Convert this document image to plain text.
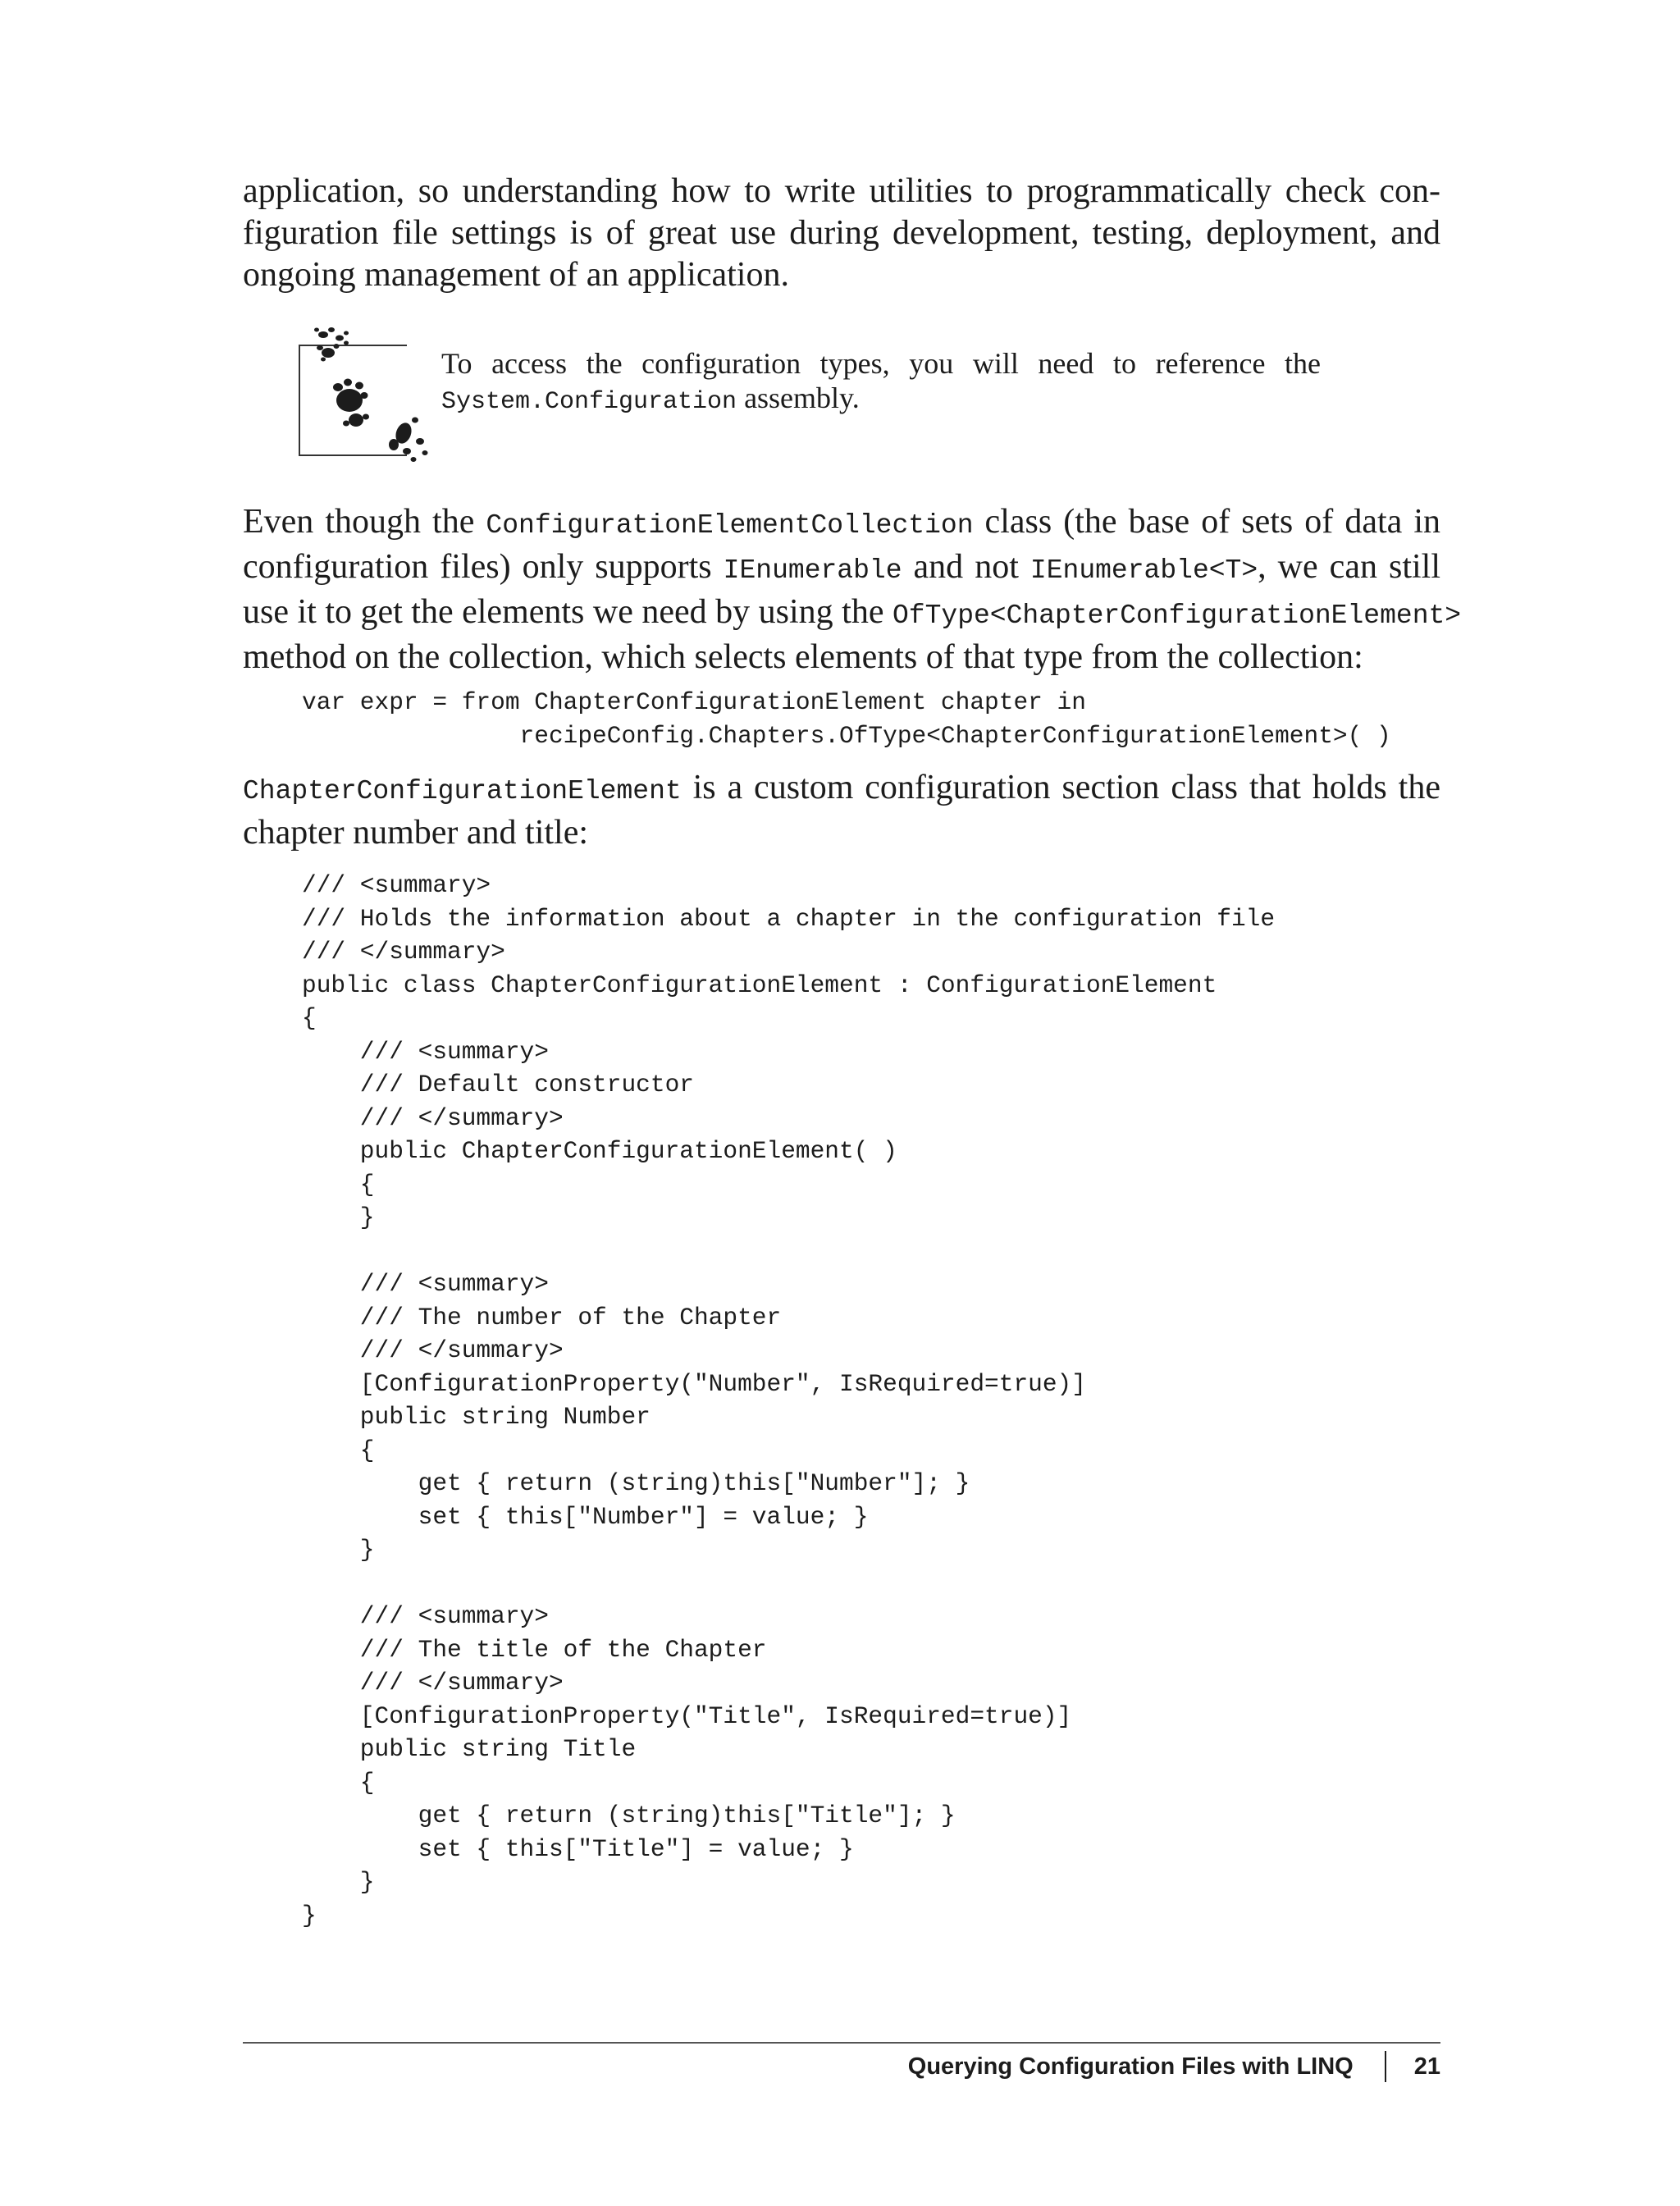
application, so understanding how to write utilities to programmatically check con-
figuration file settings is of great use during development, testing, deployment, and
ongoing management of an application.

To access the configuration types, you will need to reference the
System.Configuration assembly.

Even though the ConfigurationElementCollection class (the base of sets of data in
configuration files) only supports IEnumerable and not IEnumerable<T>, we can still
use it to get the elements we need by using the OfType<ChapterConfigurationElement>
method on the collection, which selects elements of that type from the collection:

var expr = from ChapterConfigurationElement chapter in
recipeConfig.Chapters.OfType<ChapterConfigurationElement>( )

ChapterConfigurationElement is a custom configuration section class that holds the
chapter number and title:

/// <summary>
/// Holds the information about a chapter in the configuration file
/// </summary>
public class ChapterConfigurationElement : ConfigurationElement
{
/// <summary>
/// Default constructor
/// </summary>
public ChapterConfigurationElement( )
{
}

/// <summary>
/// The number of the Chapter
/// </summary>
[ConfigurationProperty("Number", IsRequired=true)]
public string Number
{
get { return (string)this["Number"]; }
set { this["Number"] = value; }
}

/// <summary>
/// The title of the Chapter
/// </summary>
[ConfigurationProperty("Title", IsRequired=true)]
public string Title
{
get { return (string)this["Title"]; }
set { this["Title"] = value; }
}
}
Querying Configuration Files with LINQ	21
